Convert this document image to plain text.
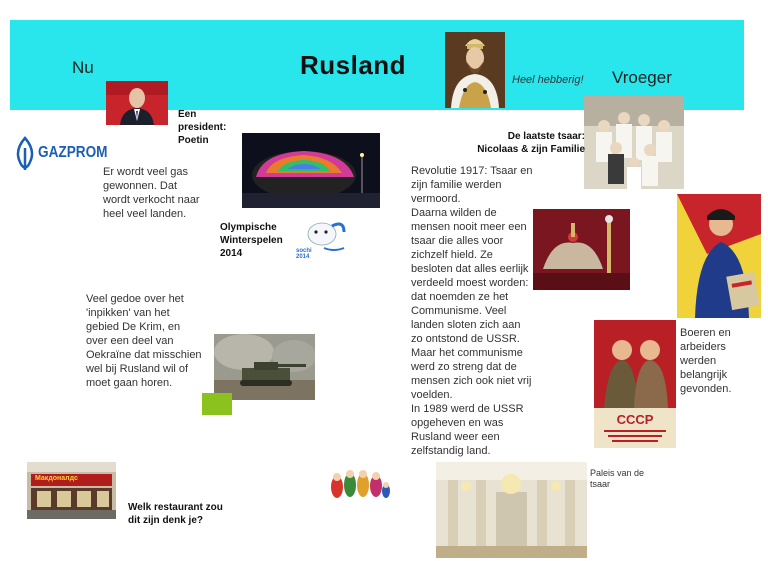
Rusland
Nu
Vroeger
Heel hebberig!
Een president: Poetin
GAZPROM
Er wordt veel gas gewonnen. Dat wordt verkocht naar heel veel landen.
Olympische Winterspelen 2014	sochi 2014
Veel gedoe over het 'inpikken' van het gebied De Krim, en over een deel van Oekraïne dat misschien wel bij Rusland wil of moet gaan horen.
Макдоналдс
Welk restaurant zou dit zijn denk je?
De laatste tsaar: Nicolaas & zijn Familie
Revolutie 1917: Tsaar en zijn familie werden vermoord.
Daarna wilden de mensen nooit meer een tsaar die alles voor zichzelf hield. Ze besloten dat alles eerlijk verdeeld moest worden: dat noemden ze het Communisme. Veel landen sloten zich aan zo ontstond de USSR. Maar het communisme werd zo streng dat de mensen zich ook niet vrij voelden.
In 1989 werd de USSR opgeheven en was Rusland weer een zelfstandig land.
СССР
Boeren en arbeiders werden belangrijk gevonden.
Paleis van de tsaar
